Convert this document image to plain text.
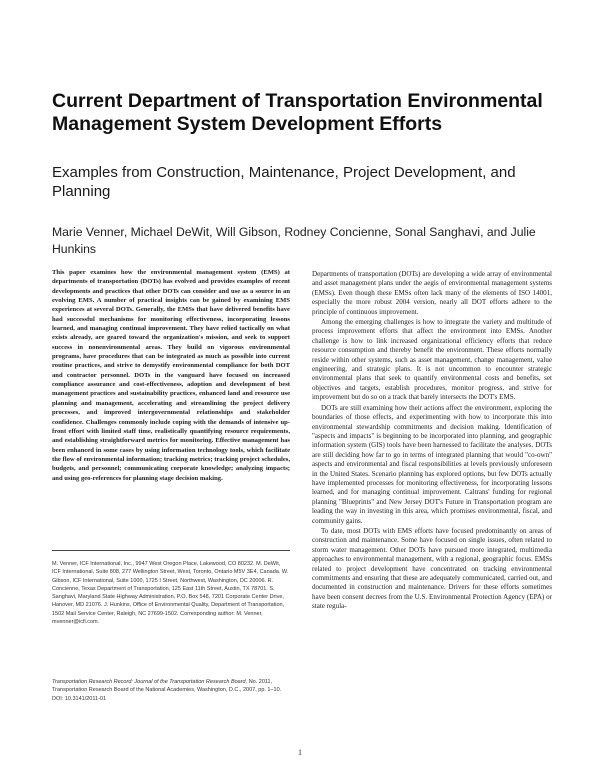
Current Department of Transportation Environmental Management System Development Efforts
Examples from Construction, Maintenance, Project Development, and Planning
Marie Venner, Michael DeWit, Will Gibson, Rodney Concienne, Sonal Sanghavi, and Julie Hunkins
This paper examines how the environmental management system (EMS) at departments of transportation (DOTs) has evolved and provides examples of recent developments and practices that other DOTs can consider and use as a source in an evolving EMS. A number of practical insights can be gained by examining EMS experiences at several DOTs. Generally, the EMSs that have delivered benefits have had successful mechanisms for monitoring effectiveness, incorporating lessons learned, and managing continual improvement. They have relied tactically on what exists already, are geared toward the organization's mission, and seek to support success in nonenvironmental areas. They build on vigorous environmental programs, have procedures that can be integrated as much as possible into current routine practices, and strive to demystify environmental compliance for both DOT and contractor personnel. DOTs in the vanguard have focused on increased compliance assurance and cost-effectiveness, adoption and development of best management practices and sustainability practices, enhanced land and resource use planning and management, accelerating and streamlining the project delivery processes, and improved intergovernmental relationships and stakeholder confidence. Challenges commonly include coping with the demands of intensive up-front effort with limited staff time, realistically quantifying resource requirements, and establishing straightforward metrics for monitoring. Effective management has been enhanced in some cases by using information technology tools, which facilitate the flow of environmental information; tracking metrics; tracking project schedules, budgets, and personnel; communicating corporate knowledge; analyzing impacts; and using geo-references for planning stage decision making.
M. Venner, ICF International, Inc., 9947 West Oregon Place, Lakewood, CO 80232. M. DeWit, ICF International, Suite 808, 277 Wellington Street, West, Toronto, Ontario M5V 3E4, Canada. W. Gibson, ICF International, Suite 1000, 1725 I Street, Northwest, Washington, DC 20006. R. Concienne, Texas Department of Transportation, 125 East 11th Street, Austin, TX 78701. S. Sanghavi, Maryland State Highway Administration, P.O. Box 548, 7201 Corporate Center Drive, Hanover, MD 21076. J. Hunkins, Office of Environmental Quality, Department of Transportation, 1502 Mail Service Center, Raleigh, NC 27699-1502. Corresponding author: M. Venner, mvenner@icfi.com.
Transportation Research Record: Journal of the Transportation Research Board, No. 2011, Transportation Research Board of the National Academies, Washington, D.C., 2007, pp. 1–10.
DOI: 10.3141/2011-01

Departments of transportation (DOTs) are developing a wide array of environmental and asset management plans under the aegis of environmental management systems (EMSs). Even though these EMSs often lack many of the elements of ISO 14001, especially the more robust 2004 version, nearly all DOT efforts adhere to the principle of continuous improvement.

Among the emerging challenges is how to integrate the variety and multitude of process improvement efforts that affect the environment into EMSs. Another challenge is how to link increased organizational efficiency efforts that reduce resource consumption and thereby benefit the environment. These efforts normally reside within other systems, such as asset management, change management, value engineering, and strategic plans. It is not uncommon to encounter strategic environmental plans that seek to quantify environmental costs and benefits, set objectives and targets, establish procedures, monitor progress, and strive for improvement but do so on a track that barely intersects the DOT's EMS.

DOTs are still examining how their actions affect the environment, exploring the boundaries of those effects, and experimenting with how to incorporate this into environmental stewardship commitments and decision making. Identification of "aspects and impacts" is beginning to be incorporated into planning, and geographic information system (GIS) tools have been harnessed to facilitate the analyses. DOTs are still deciding how far to go in terms of integrated planning that would "co-own" aspects and environmental and fiscal responsibilities at levels previously unforeseen in the United States. Scenario planning has explored options, but few DOTs actually have implemented processes for monitoring effectiveness, for incorporating lessons learned, and for managing continual improvement. Caltrans' funding for regional planning "Blueprints" and New Jersey DOT's Future in Transportation program are leading the way in investing in this area, which promises environmental, fiscal, and community gains.

To date, most DOTs with EMS efforts have focused predominantly on areas of construction and maintenance. Some have focused on single issues, often related to storm water management. Other DOTs have pursued more integrated, multimedia approaches to environmental management, with a regional, geographic focus. EMSs related to project development have concentrated on tracking environmental commitments and ensuring that these are adequately communicated, carried out, and documented in construction and maintenance. Drivers for these efforts sometimes have been consent decrees from the U.S. Environmental Protection Agency (EPA) or state regula-

1
